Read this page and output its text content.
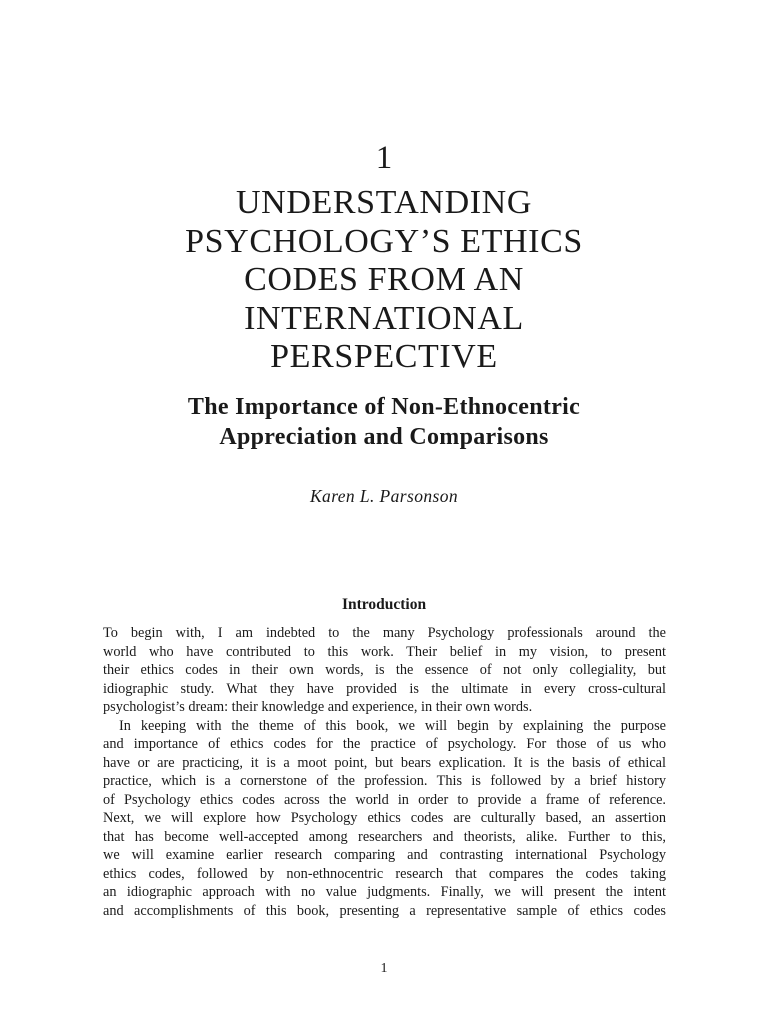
1

UNDERSTANDING
PSYCHOLOGY’S ETHICS
CODES FROM AN
INTERNATIONAL
PERSPECTIVE
The Importance of Non-Ethnocentric
Appreciation and Comparisons

Karen L. Parsonson

Introduction
To begin with, I am indebted to the many Psychology professionals around the
world who have contributed to this work. Their belief in my vision, to present
their ethics codes in their own words, is the essence of not only collegiality, but
idiographic study. What they have provided is the ultimate in every cross-cultural
psychologist’s dream: their knowledge and experience, in their own words.
In keeping with the theme of this book, we will begin by explaining the purpose
and importance of ethics codes for the practice of psychology. For those of us who
have or are practicing, it is a moot point, but bears explication. It is the basis of ethical
practice, which is a cornerstone of the profession. This is followed by a brief history
of Psychology ethics codes across the world in order to provide a frame of reference.
Next, we will explore how Psychology ethics codes are culturally based, an assertion
that has become well-accepted among researchers and theorists, alike. Further to this,
we will examine earlier research comparing and contrasting international Psychology
ethics codes, followed by non-ethnocentric research that compares the codes taking
an idiographic approach with no value judgments. Finally, we will present the intent
and accomplishments of this book, presenting a representative sample of ethics codes

1
